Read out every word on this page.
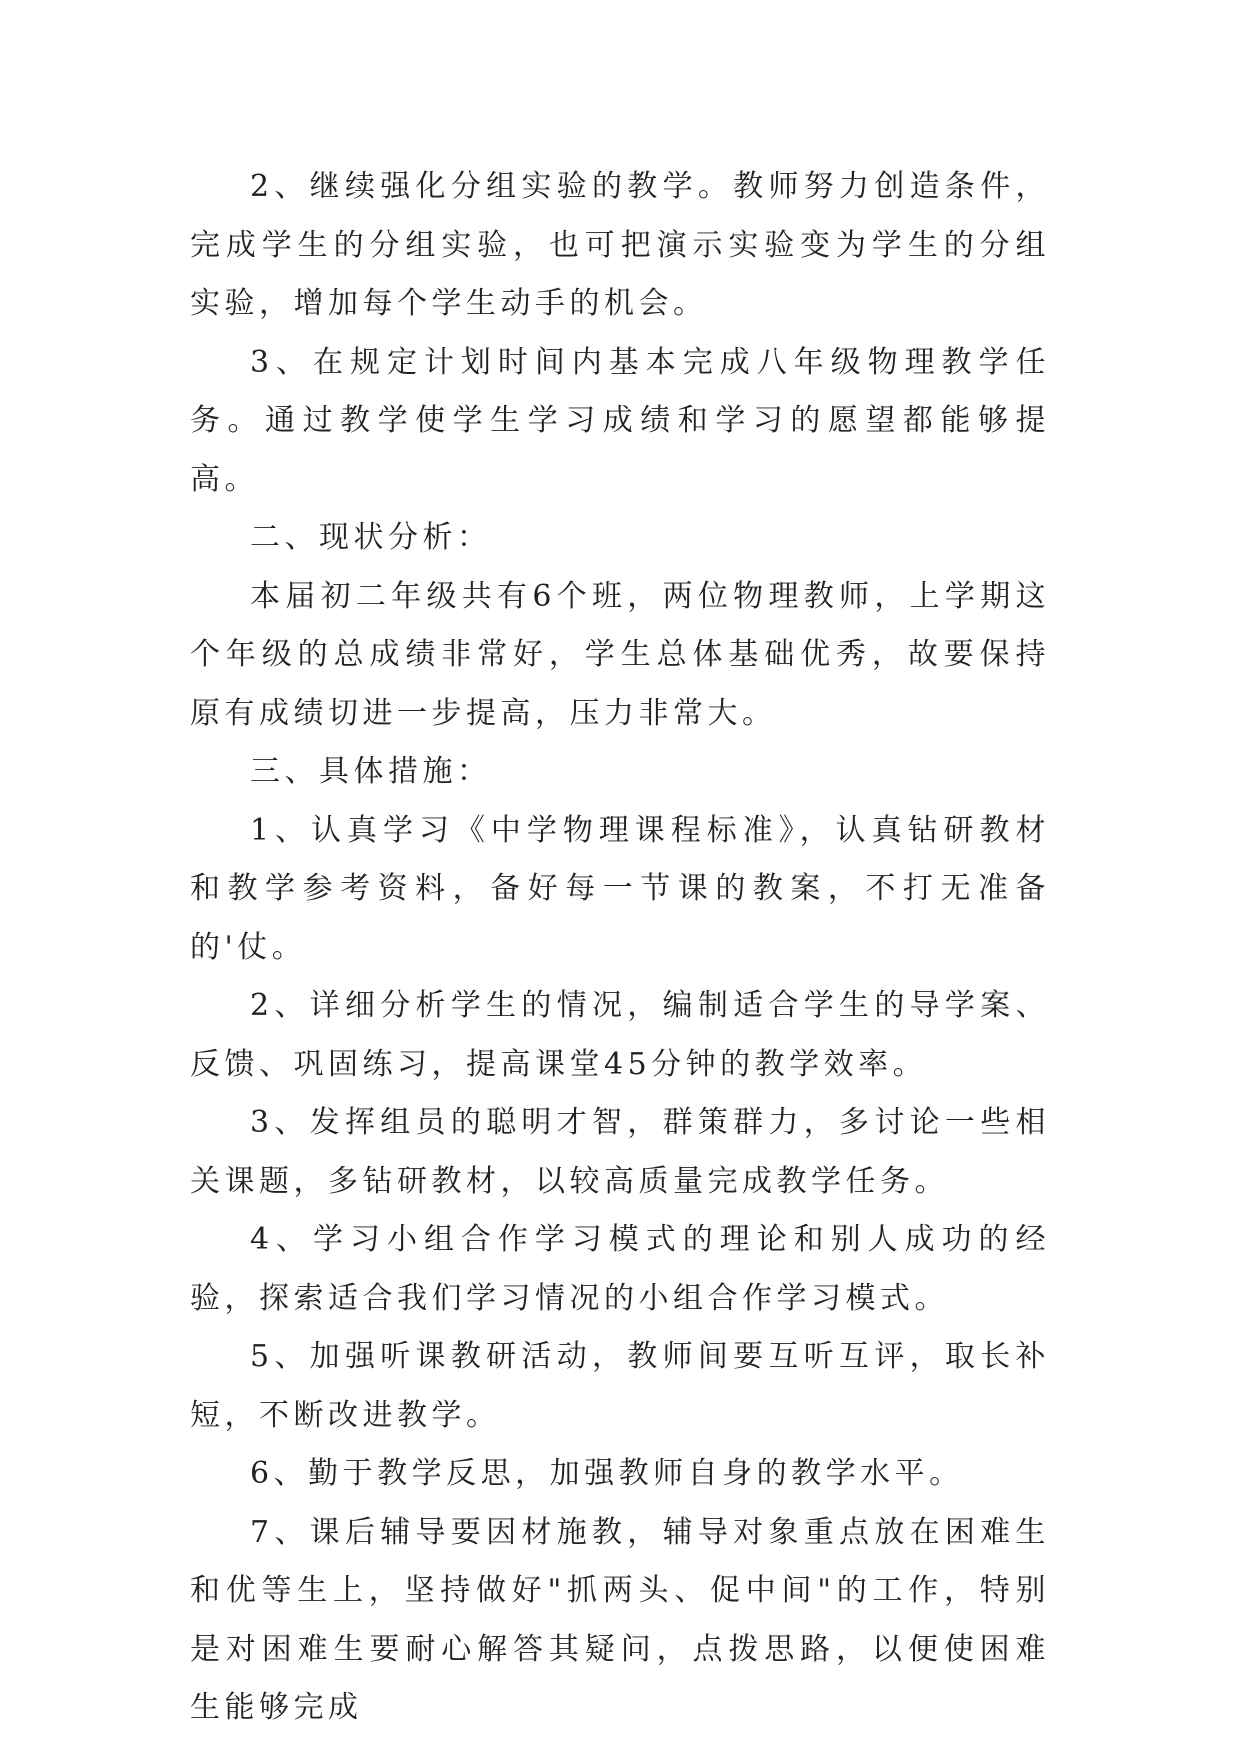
2、继续强化分组实验的教学。教师努力创造条件，完成学生的分组实验，也可把演示实验变为学生的分组实验，增加每个学生动手的机会。

3、在规定计划时间内基本完成八年级物理教学任务。通过教学使学生学习成绩和学习的愿望都能够提高。

二、现状分析：

本届初二年级共有6个班，两位物理教师，上学期这个年级的总成绩非常好，学生总体基础优秀，故要保持原有成绩切进一步提高，压力非常大。

三、具体措施：

1、认真学习《中学物理课程标准》，认真钻研教材和教学参考资料，备好每一节课的教案，不打无准备的'仗。

2、详细分析学生的情况，编制适合学生的导学案、反馈、巩固练习，提高课堂45分钟的教学效率。

3、发挥组员的聪明才智，群策群力，多讨论一些相关课题，多钻研教材，以较高质量完成教学任务。

4、学习小组合作学习模式的理论和别人成功的经验，探索适合我们学习情况的小组合作学习模式。

5、加强听课教研活动，教师间要互听互评，取长补短，不断改进教学。

6、勤于教学反思，加强教师自身的教学水平。

7、课后辅导要因材施教，辅导对象重点放在困难生和优等生上，坚持做好"抓两头、促中间"的工作，特别是对困难生要耐心解答其疑问，点拨思路，以便使困难生能够完成
